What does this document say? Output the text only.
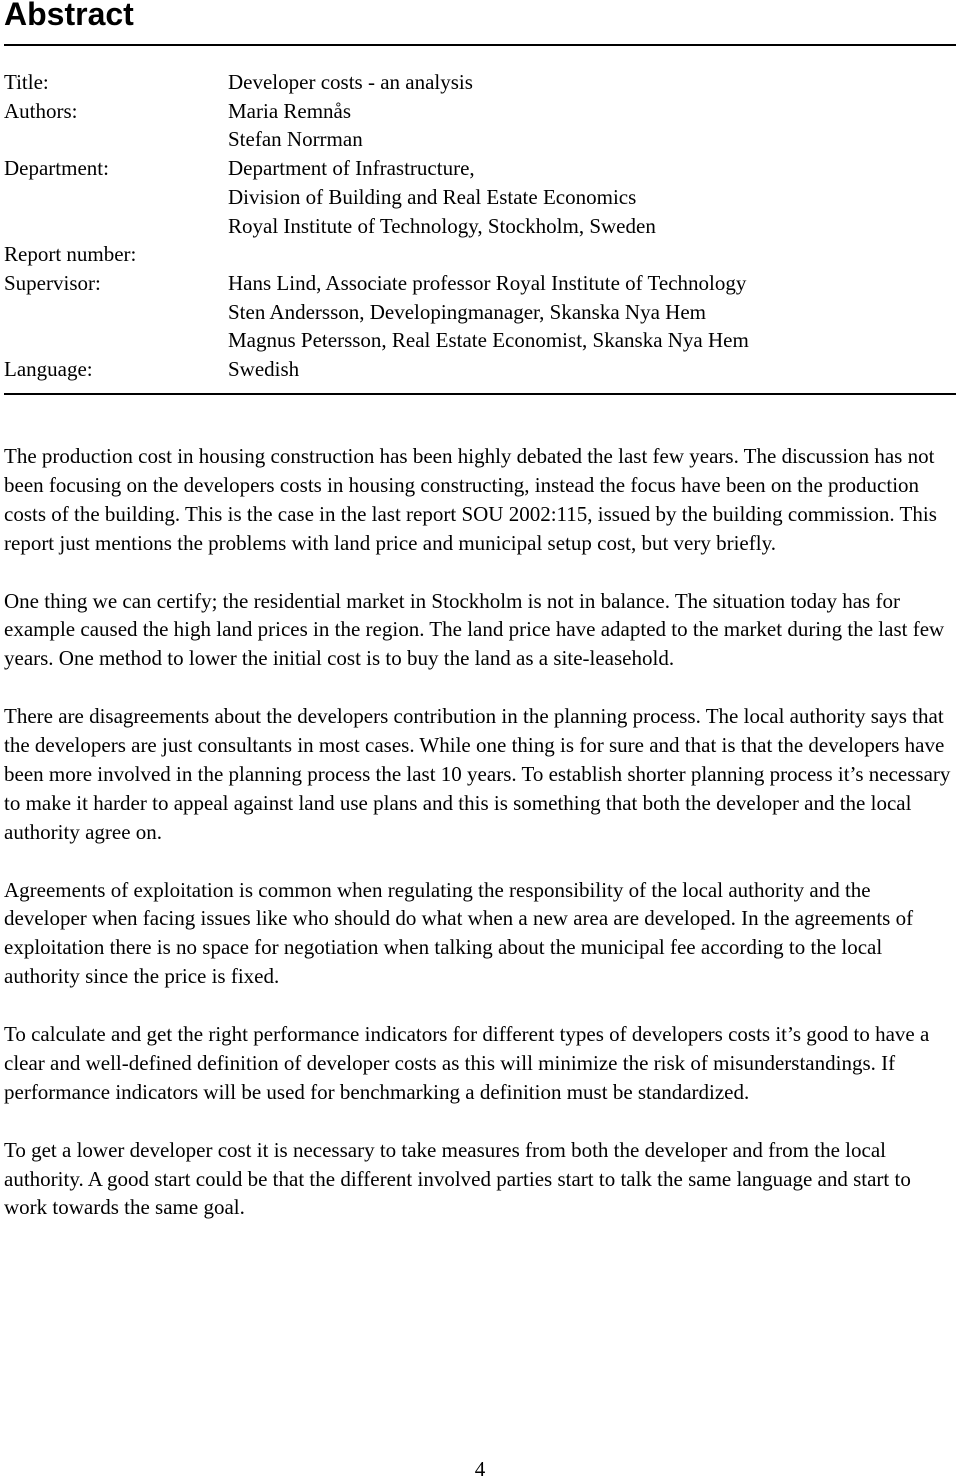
Abstract
Title:	Developer costs - an analysis
Authors:	Maria Remnås
Stefan Norrman
Department:	Department of Infrastructure,
Division of Building and Real Estate Economics
Royal Institute of Technology, Stockholm, Sweden
Report number:
Supervisor:	Hans Lind, Associate professor Royal Institute of Technology
Sten Andersson, Developingmanager, Skanska Nya Hem
Magnus Petersson, Real Estate Economist, Skanska Nya Hem
Language:	Swedish

The production cost in housing construction has been highly debated the last few years. The discussion has not been focusing on the developers costs in housing constructing, instead the focus have been on the production costs of the building. This is the case in the last report SOU 2002:115, issued by the building commission. This report just mentions the problems with land price and municipal setup cost, but very briefly.

One thing we can certify; the residential market in Stockholm is not in balance. The situation today has for example caused the high land prices in the region. The land price have adapted to the market during the last few years. One method to lower the initial cost is to buy the land as a site-leasehold.

There are disagreements about the developers contribution in the planning process. The local authority says that the developers are just consultants in most cases. While one thing is for sure and that is that the developers have been more involved in the planning process the last 10 years. To establish shorter planning process it’s necessary to make it harder to appeal against land use plans and this is something that both the developer and the local authority agree on.

Agreements of exploitation is common when regulating the responsibility of the local authority and the developer when facing issues like who should do what when a new area are developed. In the agreements of exploitation there is no space for negotiation when talking about the municipal fee according to the local authority since the price is fixed.

To calculate and get the right performance indicators for different types of developers costs it’s good to have a clear and well-defined definition of developer costs as this will minimize the risk of misunderstandings. If performance indicators will be used for benchmarking a definition must be standardized.

To get a lower developer cost it is necessary to take measures from both the developer and from the local authority. A good start could be that the different involved parties start to talk the same language and start to work towards the same goal.

4
